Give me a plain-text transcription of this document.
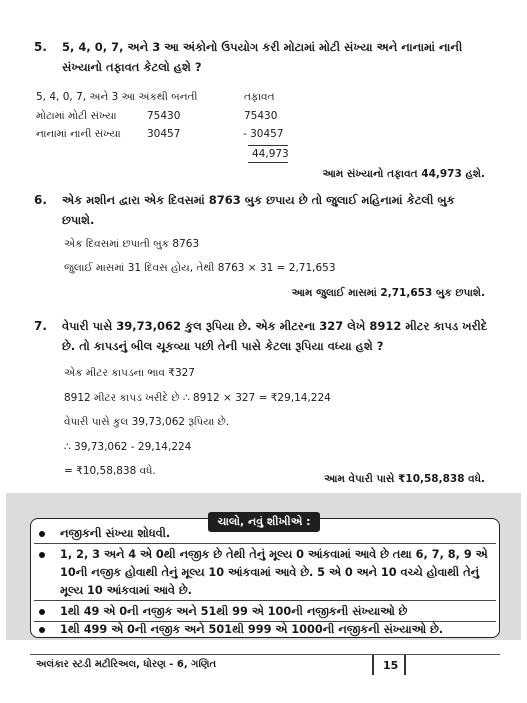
5. 5, 4, 0, 7, અને 3 આ અંકોનો ઉપયોગ કરી મોટામાં મોટી સંખ્યા અને નાનામાં નાની
સંખ્યાનો તફાવત કેટલો હશે ?
5, 4, 0, 7, અને 3 આ અંકથી બનતી	તફાવત
મોટામાં મોટી સંખ્યા	75430	75430
નાનામાં નાની સંખ્યા	30457	- 30457
44,973
આમ સંખ્યાનો તફાવત 44,973 હશે.
6. એક મશીન દ્વારા એક દિવસમાં 8763 બુક છપાય છે તો જુલાઈ મહિનામાં કેટલી બુક
છપાશે.
એક દિવસમાં છપાતી બુક 8763
જુલાઈ માસમાં 31 દિવસ હોય, તેથી 8763 × 31 = 2,71,653
આમ જુલાઈ માસમાં 2,71,653 બુક છપાશે.
7. વેપારી પાસે 39,73,062 કુલ રૂપિયા છે. એક મીટરના 327 લેખે 8912 મીટર કાપડ ખરીદે
છે. તો કાપડનું બીલ ચૂકવ્યા પછી તેની પાસે કેટલા રૂપિયા વધ્યા હશે ?
એક મીટર કાપડના ભાવ ₹327
8912 મીટર કાપડ ખરીદે છે ∴ 8912 × 327 = ₹29,14,224
વેપારી પાસે કુલ 39,73,062 રૂપિયા છે.
∴ 39,73,062 - 29,14,224
= ₹10,58,838 વધે.
આમ વેપારી પાસે ₹10,58,838 વધે.
ચાલો, નવું શીખીએ :
નજીકની સંખ્યા શોધવી.
1, 2, 3 અને 4 એ 0થી નજીક છે તેથી તેનું મૂલ્ય 0 આંકવામાં આવે છે તથા 6, 7, 8, 9 એ
10ની નજીક હોવાથી તેનું મૂલ્ય 10 આંકવામાં આવે છે. 5 એ 0 અને 10 વચ્ચે હોવાથી તેનું
મૂલ્ય 10 આંકવામાં આવે છે.
1થી 49 એ 0ની નજીક અને 51થી 99 એ 100ની નજીકની સંખ્યાઓ છે
1થી 499 એ 0ની નજીક અને 501થી 999 એ 1000ની નજીકની સંખ્યાઓ છે.
અલંકાર સ્ટડી મટીરિઅલ, ધોરણ - 6, ગણિત	15
